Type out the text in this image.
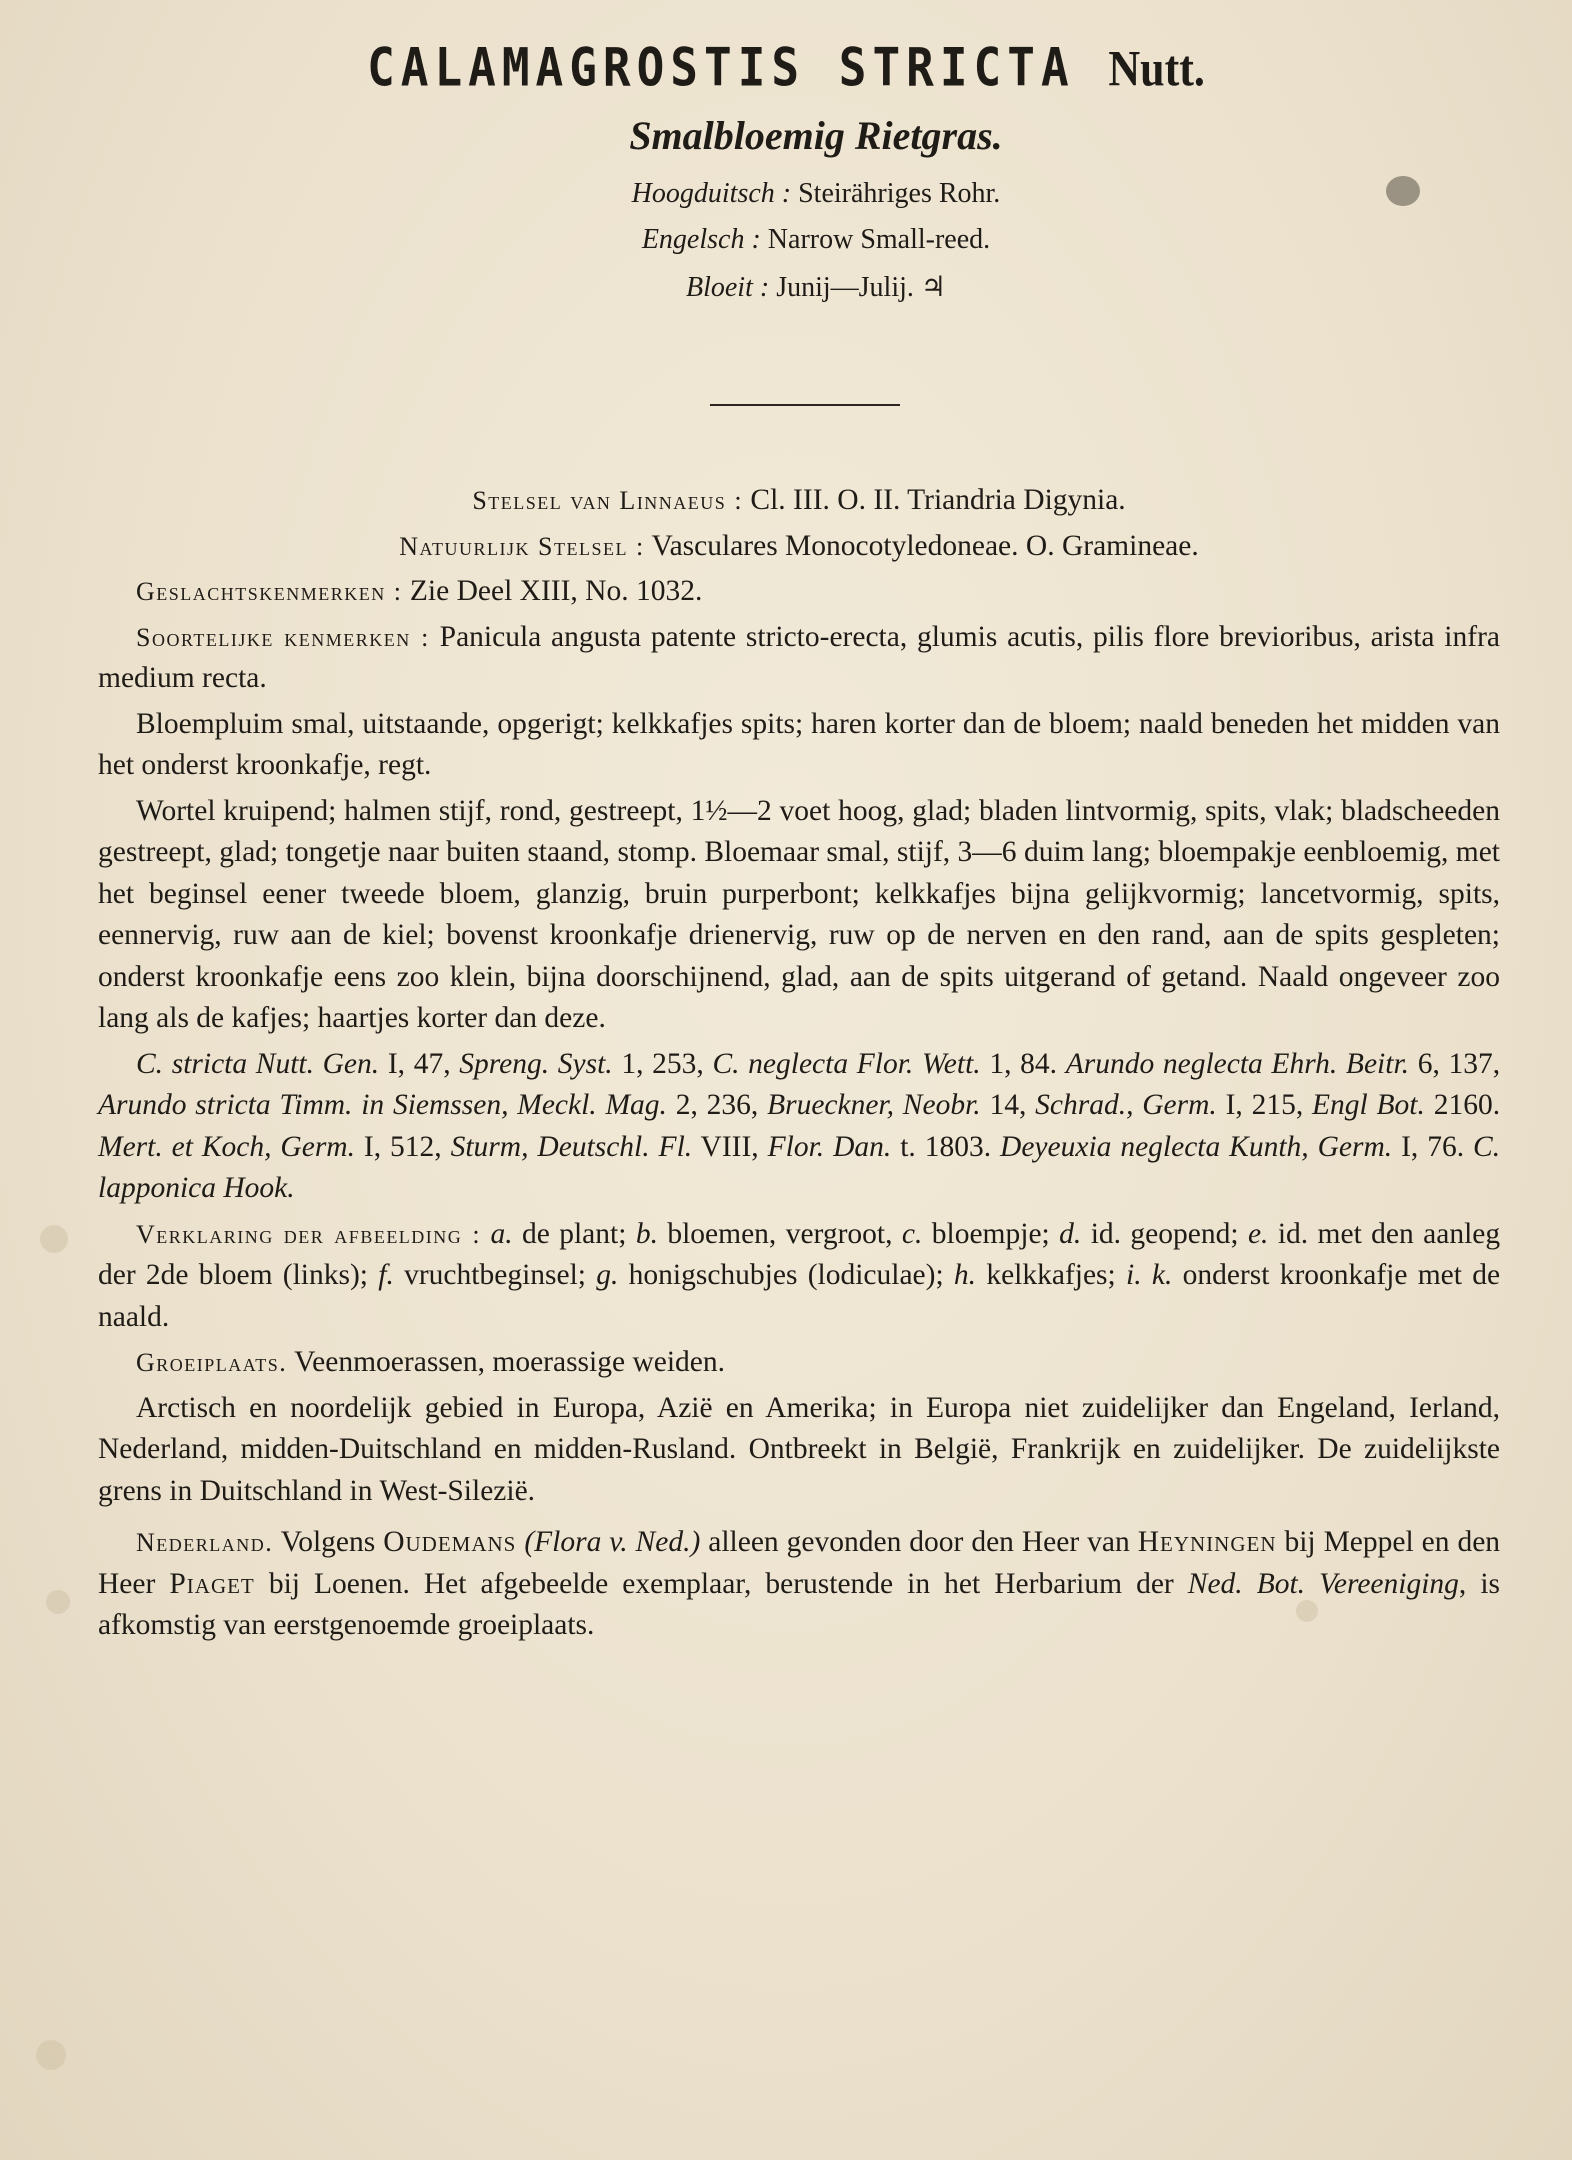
CALAMAGROSTIS STRICTA Nutt.
Smalbloemig Rietgras.
Hoogduitsch : Steirähriges Rohr.
Engelsch : Narrow Small-reed.
Bloeit : Junij—Julij. ♃

Stelsel van Linnaeus : Cl. III. O. II. Triandria Digynia.

Natuurlijk Stelsel : Vasculares Monocotyledoneae. O. Gramineae.

Geslachtskenmerken : Zie Deel XIII, No. 1032.

Soortelijke kenmerken : Panicula angusta patente stricto-erecta, glumis acutis, pilis flore brevioribus, arista infra medium recta.

Bloempluim smal, uitstaande, opgerigt; kelkkafjes spits; haren korter dan de bloem; naald beneden het midden van het onderst kroonkafje, regt.

Wortel kruipend; halmen stijf, rond, gestreept, 1½—2 voet hoog, glad; bladen lintvormig, spits, vlak; bladscheeden gestreept, glad; tongetje naar buiten staand, stomp. Bloemaar smal, stijf, 3—6 duim lang; bloempakje eenbloemig, met het beginsel eener tweede bloem, glanzig, bruin purperbont; kelkkafjes bijna gelijkvormig; lancetvormig, spits, eennervig, ruw aan de kiel; bovenst kroonkafje drienervig, ruw op de nerven en den rand, aan de spits gespleten; onderst kroonkafje eens zoo klein, bijna doorschijnend, glad, aan de spits uitgerand of getand. Naald ongeveer zoo lang als de kafjes; haartjes korter dan deze.

C. stricta Nutt. Gen. I, 47, Spreng. Syst. 1, 253, C. neglecta Flor. Wett. 1, 84. Arundo neglecta Ehrh. Beitr. 6, 137, Arundo stricta Timm. in Siemssen, Meckl. Mag. 2, 236, Brueckner, Neobr. 14, Schrad., Germ. I, 215, Engl Bot. 2160. Mert. et Koch, Germ. I, 512, Sturm, Deutschl. Fl. VIII, Flor. Dan. t. 1803. Deyeuxia neglecta Kunth, Germ. I, 76. C. lapponica Hook.

Verklaring der afbeelding : a. de plant; b. bloemen, vergroot, c. bloempje; d. id. geopend; e. id. met den aanleg der 2de bloem (links); f. vruchtbeginsel; g. honigschubjes (lodiculae); h. kelkkafjes; i. k. onderst kroonkafje met de naald.

Groeiplaats. Veenmoerassen, moerassige weiden.

Arctisch en noordelijk gebied in Europa, Azië en Amerika; in Europa niet zuidelijker dan Engeland, Ierland, Nederland, midden-Duitschland en midden-Rusland. Ontbreekt in België, Frankrijk en zuidelijker. De zuidelijkste grens in Duitschland in West-Silezië.

Nederland. Volgens Oudemans (Flora v. Ned.) alleen gevonden door den Heer van Heyningen bij Meppel en den Heer Piaget bij Loenen. Het afgebeelde exemplaar, berustende in het Herbarium der Ned. Bot. Vereeniging, is afkomstig van eerstgenoemde groeiplaats.
